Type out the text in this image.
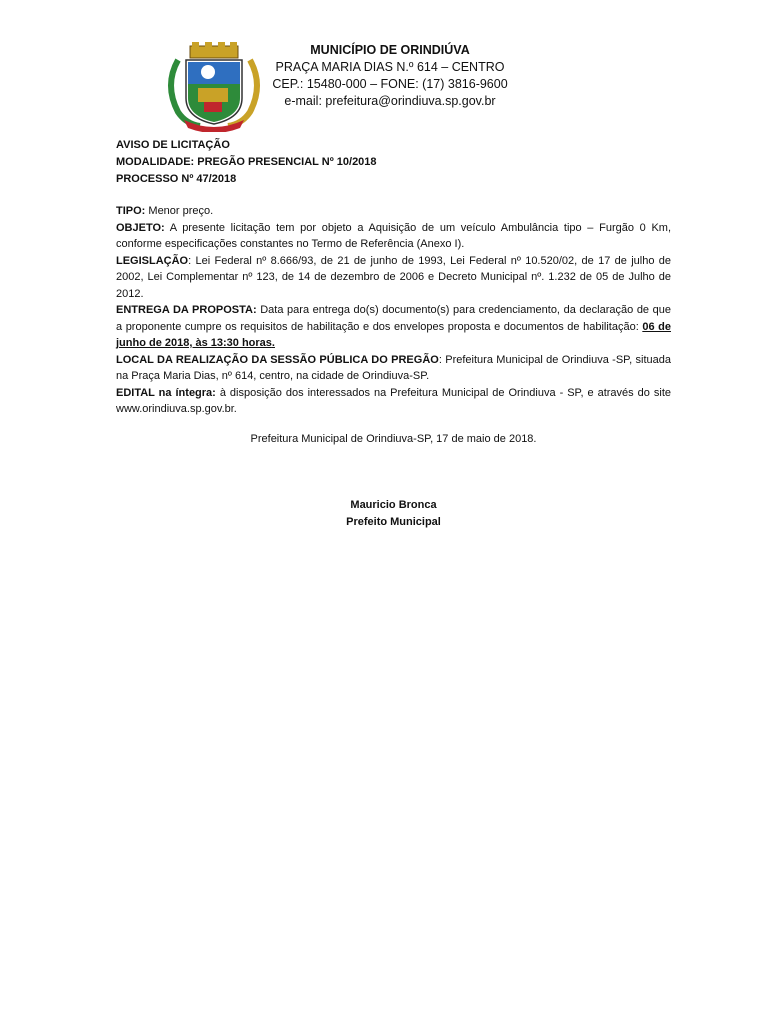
MUNICÍPIO DE ORINDIÚVA
PRAÇA MARIA DIAS N.º 614 – CENTRO
CEP.: 15480-000 – FONE: (17) 3816-9600
e-mail: prefeitura@orindiuva.sp.gov.br
AVISO DE LICITAÇÃO
MODALIDADE: PREGÃO PRESENCIAL Nº 10/2018
PROCESSO Nº 47/2018

TIPO: Menor preço.

OBJETO: A presente licitação tem por objeto a Aquisição de um veículo Ambulância tipo – Furgão 0 Km, conforme especificações constantes no Termo de Referência (Anexo I).

LEGISLAÇÃO: Lei Federal nº 8.666/93, de 21 de junho de 1993, Lei Federal nº 10.520/02, de 17 de julho de 2002, Lei Complementar nº 123, de 14 de dezembro de 2006 e Decreto Municipal nº. 1.232 de 05 de Julho de 2012.

ENTREGA DA PROPOSTA: Data para entrega do(s) documento(s) para credenciamento, da declaração de que a proponente cumpre os requisitos de habilitação e dos envelopes proposta e documentos de habilitação: 06 de junho de 2018, às 13:30 horas.

LOCAL DA REALIZAÇÃO DA SESSÃO PÚBLICA DO PREGÃO: Prefeitura Municipal de Orindiuva -SP, situada na Praça Maria Dias, nº 614, centro, na cidade de Orindiuva-SP.

EDITAL na íntegra: à disposição dos interessados na Prefeitura Municipal de Orindiuva - SP, e através do site www.orindiuva.sp.gov.br.

Prefeitura Municipal de Orindiuva-SP, 17 de maio de 2018.
Mauricio Bronca
Prefeito Municipal
